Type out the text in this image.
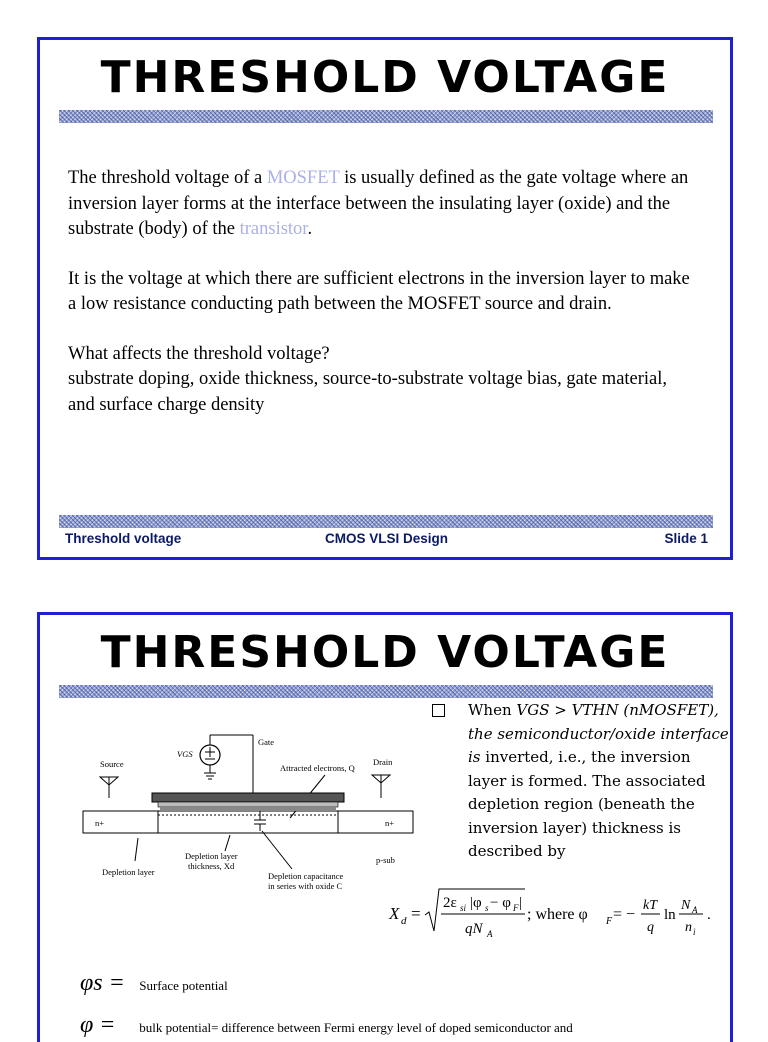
THRESHOLD VOLTAGE

The threshold voltage of a MOSFET is usually defined as the gate voltage where an inversion layer forms at the interface between the insulating layer (oxide) and the substrate (body) of the transistor.

It is the voltage at which there are sufficient electrons in the inversion layer to make a low resistance conducting path between the MOSFET source and drain.

What affects the threshold voltage?
substrate doping, oxide thickness, source-to-substrate voltage bias, gate material, and surface charge density

Threshold voltage	CMOS VLSI Design	Slide 1
THRESHOLD VOLTAGE
VGS
Gate
Source	Drain
Attracted electrons, Q
n+	n+
Depletion layer
Depletion layer
thickness, Xd
Depletion capacitance
in series with oxide C
p-sub
When VGS > VTHN (nMOSFET), the semiconductor/oxide interface is inverted, i.e., the inversion layer is formed. The associated depletion region (beneath the inversion layer) thickness is described by
X d =
2ε si |φ s − φ F |
qN A
; where φ F = −
kT
q
ln
N A
n i
.
φs = Surface potential
φ = bulk potential= difference between Fermi energy level of doped semiconductor and
